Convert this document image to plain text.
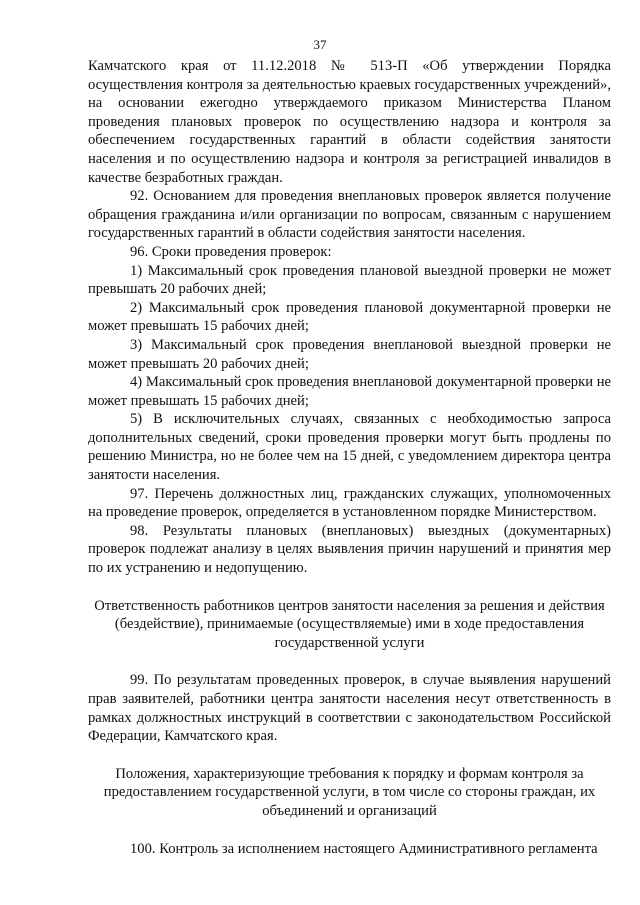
37

Камчатского края от 11.12.2018 № 513-П «Об утверждении Порядка осуществления контроля за деятельностью краевых государственных учреждений», на основании ежегодно утверждаемого приказом Министерства Планом проведения плановых проверок по осуществлению надзора и контроля за обеспечением государственных гарантий в области содействия занятости населения и по осуществлению надзора и контроля за регистрацией инвалидов в качестве безработных граждан.

92. Основанием для проведения внеплановых проверок является получение обращения гражданина и/или организации по вопросам, связанным с нарушением государственных гарантий в области содействия занятости населения.

96. Сроки проведения проверок:

1) Максимальный срок проведения плановой выездной проверки не может превышать 20 рабочих дней;

2) Максимальный срок проведения плановой документарной проверки не может превышать 15 рабочих дней;

3) Максимальный срок проведения внеплановой выездной проверки не может превышать 20 рабочих дней;

4) Максимальный срок проведения внеплановой документарной проверки не может превышать 15 рабочих дней;

5) В исключительных случаях, связанных с необходимостью запроса дополнительных сведений, сроки проведения проверки могут быть продлены по решению Министра, но не более чем на 15 дней, с уведомлением директора центра занятости населения.

97. Перечень должностных лиц, гражданских служащих, уполномоченных на проведение проверок, определяется в установленном порядке Министерством.

98. Результаты плановых (внеплановых) выездных (документарных) проверок подлежат анализу в целях выявления причин нарушений и принятия мер по их устранению и недопущению.

Ответственность работников центров занятости населения за решения и действия (бездействие), принимаемые (осуществляемые) ими в ходе предоставления государственной услуги

99. По результатам проведенных проверок, в случае выявления нарушений прав заявителей, работники центра занятости населения несут ответственность в рамках должностных инструкций в соответствии с законодательством Российской Федерации, Камчатского края.

Положения, характеризующие требования к порядку и формам контроля за предоставлением государственной услуги, в том числе со стороны граждан, их объединений и организаций

100. Контроль за исполнением настоящего Административного регламента
